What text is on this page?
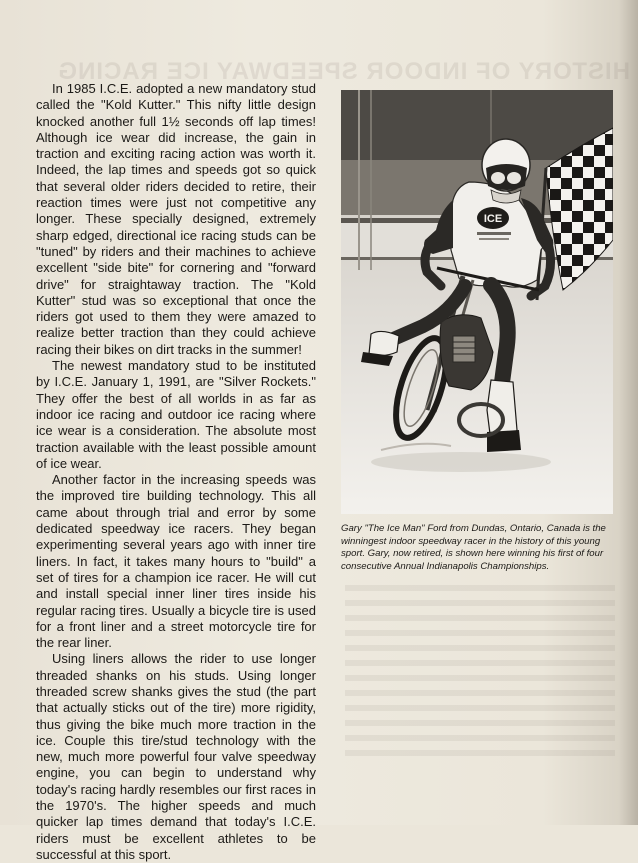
HISTORY OF INDOOR SPEEDWAY ICE RACING

In 1985 I.C.E. adopted a new mandatory stud called the "Kold Kutter." This nifty little design knocked another full 1½ seconds off lap times! Although ice wear did increase, the gain in traction and exciting racing action was worth it. Indeed, the lap times and speeds got so quick that several older riders decided to retire, their reaction times were just not competitive any longer. These specially designed, extremely sharp edged, directional ice racing studs can be "tuned" by riders and their machines to achieve excellent "side bite" for cornering and "forward drive" for straightaway traction. The "Kold Kutter" stud was so exceptional that once the riders got used to them they were amazed to realize better traction than they could achieve racing their bikes on dirt tracks in the summer!

The newest mandatory stud to be instituted by I.C.E. January 1, 1991, are "Silver Rockets." They offer the best of all worlds in as far as indoor ice racing and outdoor ice racing where ice wear is a consideration. The absolute most traction available with the least possible amount of ice wear.

Another factor in the increasing speeds was the improved tire building technology. This all came about through trial and error by some dedicated speedway ice racers. They began experimenting several years ago with inner tire liners. In fact, it takes many hours to "build" a set of tires for a champion ice racer. He will cut and install special inner liner tires inside his regular racing tires. Usually a bicycle tire is used for a front liner and a street motorcycle tire for the rear liner.

Using liners allows the rider to use longer threaded shanks on his studs. Using longer threaded screw shanks gives the stud (the part that actually sticks out of the tire) more rigidity, thus giving the bike much more traction in the ice. Couple this tire/stud technology with the new, much more powerful four valve speedway engine, you can begin to understand why today's racing hardly resembles our first races in the 1970's. The higher speeds and much quicker lap times demand that today's I.C.E. riders must be excellent athletes to be successful at this sport.

ICE
Gary "The Ice Man" Ford from Dundas, Ontario, Canada is the winningest indoor speedway racer in the history of this young sport. Gary, now retired, is shown here winning his first of four consecutive Annual Indianapolis Championships.
